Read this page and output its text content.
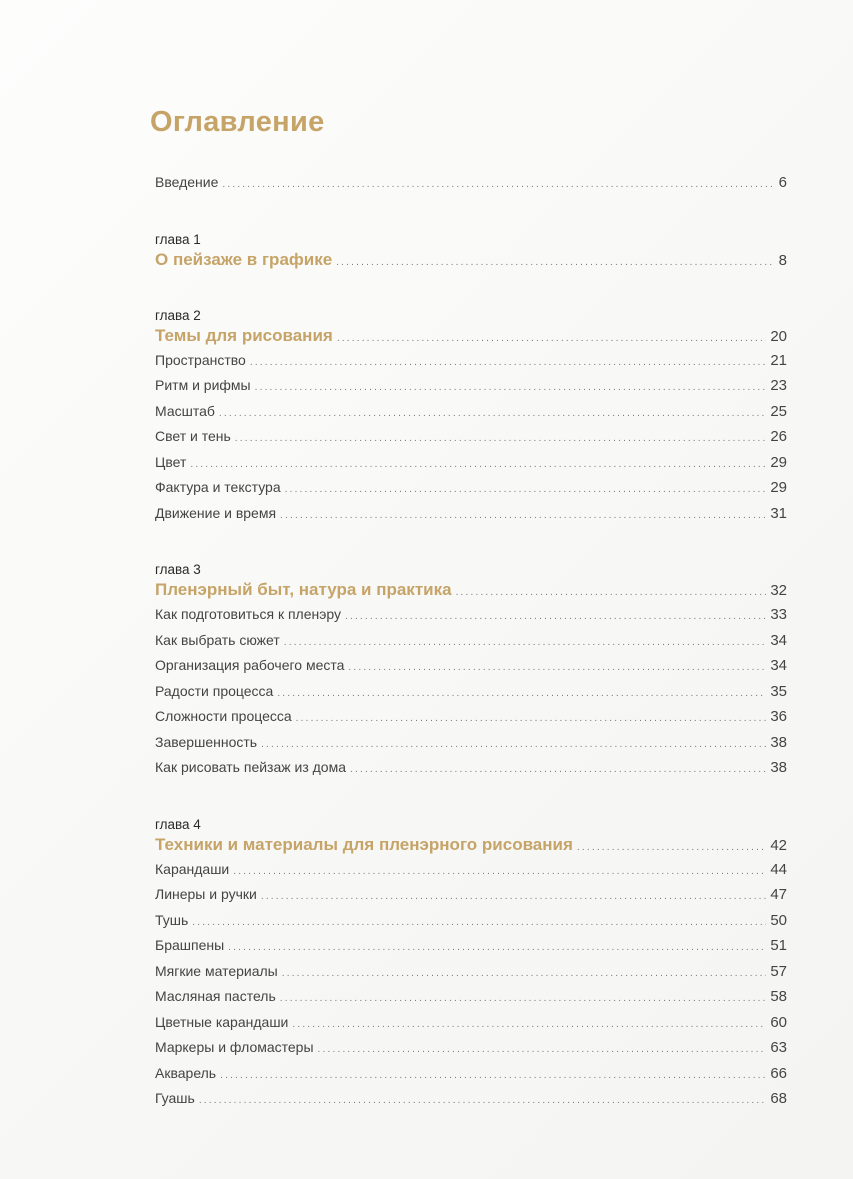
Оглавление
Введение .....	6
глава 1
О пейзаже в графике .....	8
глава 2
Темы для рисования .....	20
Пространство .....	21
Ритм и рифмы .....	23
Масштаб .....	25
Свет и тень .....	26
Цвет .....	29
Фактура и текстура .....	29
Движение и время .....	31
глава 3
Пленэрный быт, натура и практика .....	32
Как подготовиться к пленэру .....	33
Как выбрать сюжет .....	34
Организация рабочего места .....	34
Радости процесса .....	35
Сложности процесса .....	36
Завершенность .....	38
Как рисовать пейзаж из дома .....	38
глава 4
Техники и материалы для пленэрного рисования .....	42
Карандаши .....	44
Линеры и ручки .....	47
Тушь .....	50
Брашпены .....	51
Мягкие материалы .....	57
Масляная пастель .....	58
Цветные карандаши .....	60
Маркеры и фломастеры .....	63
Акварель .....	66
Гуашь .....	68
